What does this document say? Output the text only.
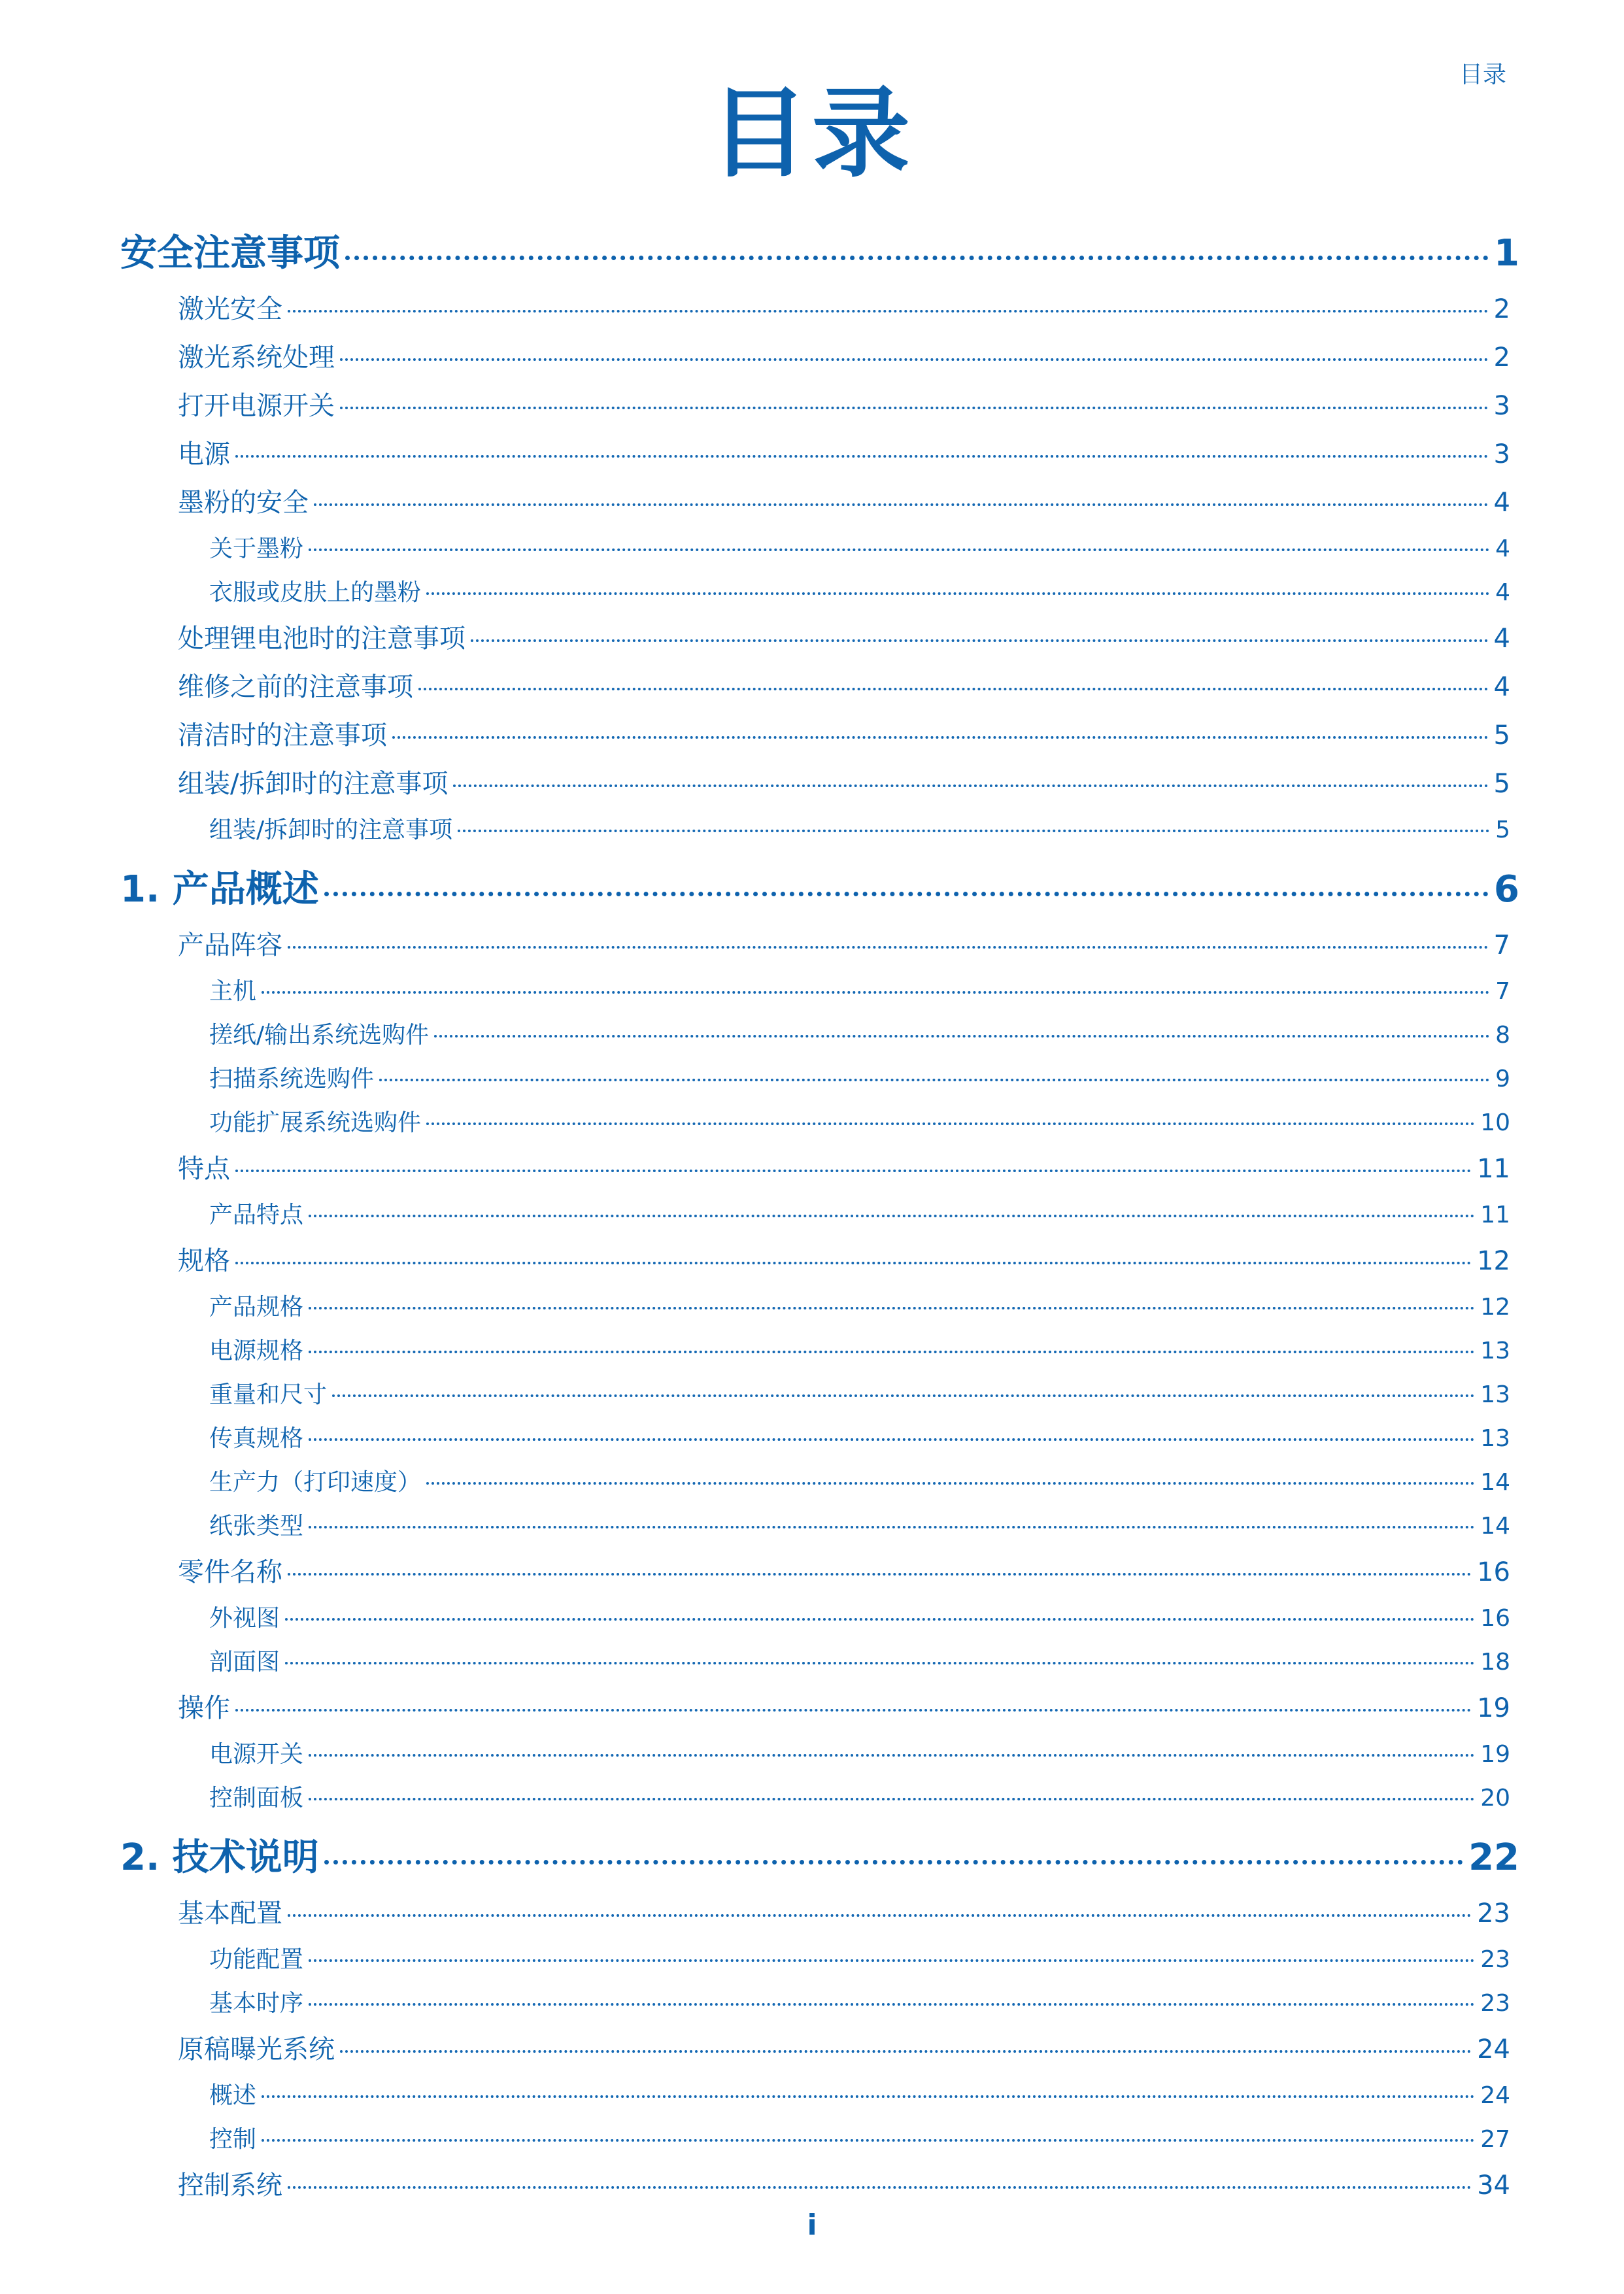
目录
目录
安全注意事项	1
激光安全	2
激光系统处理	2
打开电源开关	3
电源	3
墨粉的安全	4
关于墨粉	4
衣服或皮肤上的墨粉	4
处理锂电池时的注意事项	4
维修之前的注意事项	4
清洁时的注意事项	5
组装/拆卸时的注意事项	5
组装/拆卸时的注意事项	5
1. 产品概述	6
产品阵容	7
主机	7
搓纸/输出系统选购件	8
扫描系统选购件	9
功能扩展系统选购件	10
特点	11
产品特点	11
规格	12
产品规格	12
电源规格	13
重量和尺寸	13
传真规格	13
生产力（打印速度）	14
纸张类型	14
零件名称	16
外视图	16
剖面图	18
操作	19
电源开关	19
控制面板	20
2. 技术说明	22
基本配置	23
功能配置	23
基本时序	23
原稿曝光系统	24
概述	24
控制	27
控制系统	34
i
